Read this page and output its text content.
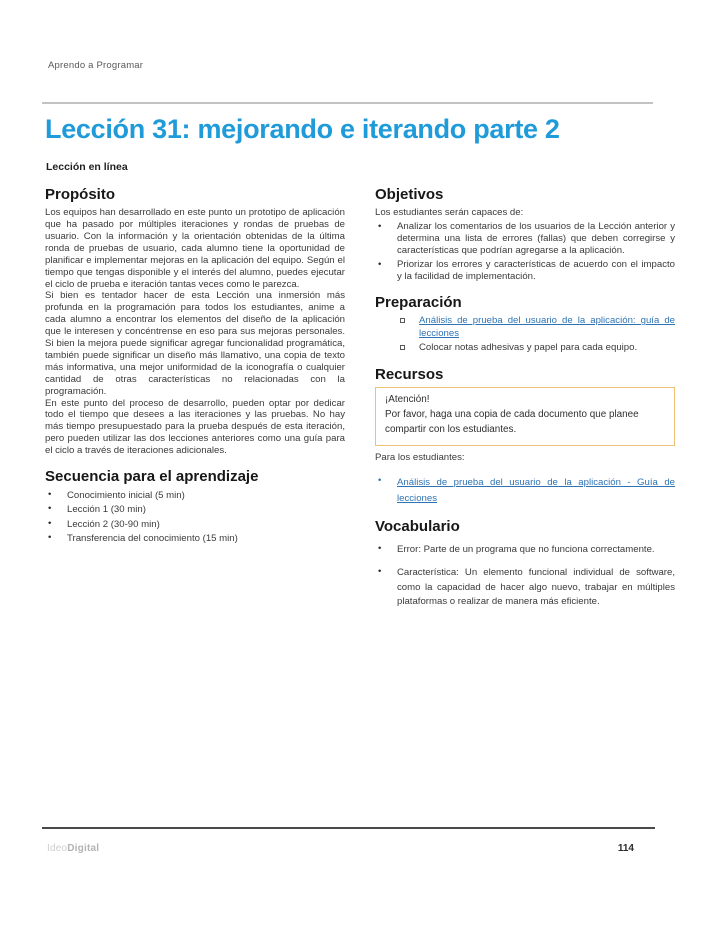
Aprendo a Programar
Lección 31: mejorando e iterando parte 2
Lección en línea
Propósito

Los equipos han desarrollado en este punto un prototipo de aplicación que ha pasado por múltiples iteraciones y rondas de pruebas de usuario. Con la información y la orientación obtenidas de la última ronda de pruebas de usuario, cada alumno tiene la oportunidad de planificar e implementar mejoras en la aplicación del equipo. Según el tiempo que tengas disponible y el interés del alumno, puedes ejecutar el ciclo de prueba e iteración tantas veces como le parezca.

Si bien es tentador hacer de esta Lección una inmersión más profunda en la programación para todos los estudiantes, anime a cada alumno a encontrar los elementos del diseño de la aplicación que le interesen y concéntrense en eso para sus mejoras personales. Si bien la mejora puede significar agregar funcionalidad programática, también puede significar un diseño más llamativo, una copia de texto más informativa, una mejor uniformidad de la iconografía o cualquier cantidad de otras características no relacionadas con la programación.

En este punto del proceso de desarrollo, pueden optar por dedicar todo el tiempo que desees a las iteraciones y las pruebas. No hay más tiempo presupuestado para la prueba después de esta iteración, pero pueden utilizar las dos lecciones anteriores como una guía para el ciclo a través de iteraciones adicionales.

Secuencia para el aprendizaje
•	Conocimiento inicial (5 min)
•	Lección 1 (30 min)
•	Lección 2 (30-90 min)
•	Transferencia del conocimiento (15 min)
Objetivos

Los estudiantes serán capaces de:

•	Analizar los comentarios de los usuarios de la Lección anterior y determina una lista de errores (fallas) que deben corregirse y características que podrían agregarse a la aplicación.
•	Priorizar los errores y características de acuerdo con el impacto y la facilidad de implementación.
Preparación
Análisis de prueba del usuario de la aplicación: guía de lecciones
Colocar notas adhesivas y papel para cada equipo.
Recursos
¡Atención!
Por favor, haga una copia de cada documento que planee compartir con los estudiantes.

Para los estudiantes:

•	Análisis de prueba del usuario de la aplicación - Guía de lecciones
Vocabulario
•	Error: Parte de un programa que no funciona correctamente.
•	Característica: Un elemento funcional individual de software, como la capacidad de hacer algo nuevo, trabajar en múltiples plataformas o realizar de manera más eficiente.
IdeoDigital	114
